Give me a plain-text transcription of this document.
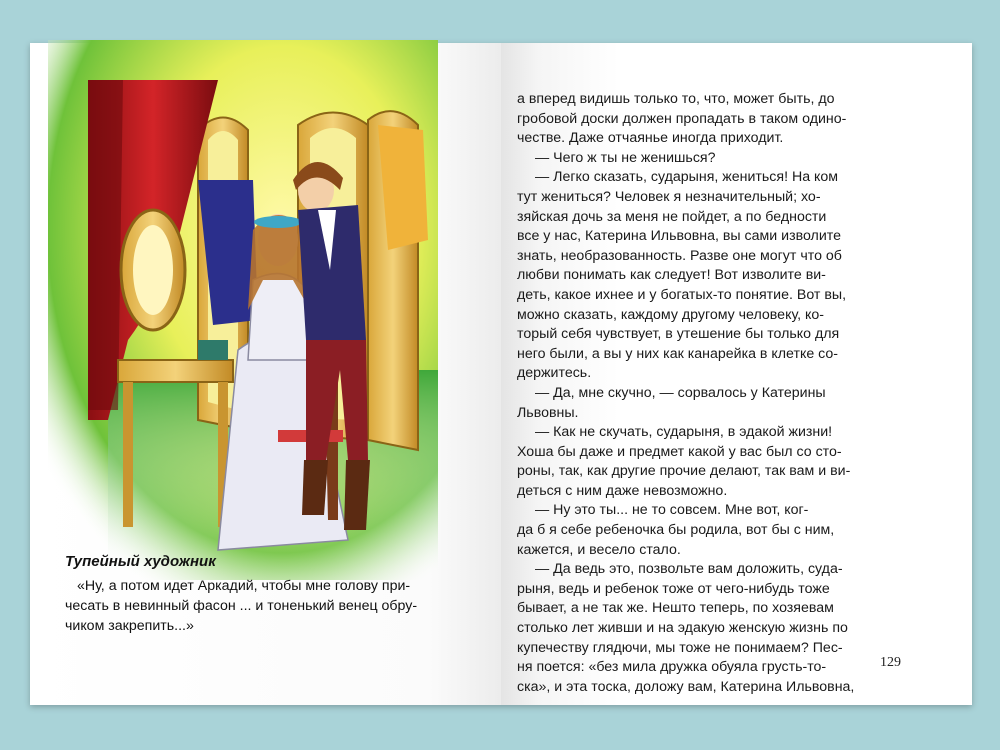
Тупейный художник

«Ну, а потом идет Аркадий, чтобы мне голову при-

чесать в невинный фасон ... и тоненький венец обру-

чиком закрепить...»

а вперед видишь только то, что, может быть, до

гробовой доски должен пропадать в таком одино-

честве. Даже отчаянье иногда приходит.

— Чего ж ты не женишься?

— Легко сказать, сударыня, жениться! На ком

тут жениться? Человек я незначительный; хо-

зяйская дочь за меня не пойдет, а по бедности

все у нас, Катерина Ильвовна, вы сами изволите

знать, необразованность. Разве оне могут что об

любви понимать как следует! Вот изволите ви-

деть, какое ихнее и у богатых-то понятие. Вот вы,

можно сказать, каждому другому человеку, ко-

торый себя чувствует, в утешение бы только для

него были, а вы у них как канарейка в клетке со-

держитесь.

— Да, мне скучно, — сорвалось у Катерины

Львовны.

— Как не скучать, сударыня, в эдакой жизни!

Хоша бы даже и предмет какой у вас был со сто-

роны, так, как другие прочие делают, так вам и ви-

деться с ним даже невозможно.

— Ну это ты... не то совсем. Мне вот, ког-

да б я себе ребеночка бы родила, вот бы с ним,

кажется, и весело стало.

— Да ведь это, позвольте вам доложить, суда-

рыня, ведь и ребенок тоже от чего-нибудь тоже

бывает, а не так же. Нешто теперь, по хозяевам

столько лет живши и на эдакую женскую жизнь по

купечеству глядючи, мы тоже не понимаем? Пес-

ня поется: «без мила дружка обуяла грусть-то-

ска», и эта тоска, доложу вам, Катерина Ильвовна,

129
